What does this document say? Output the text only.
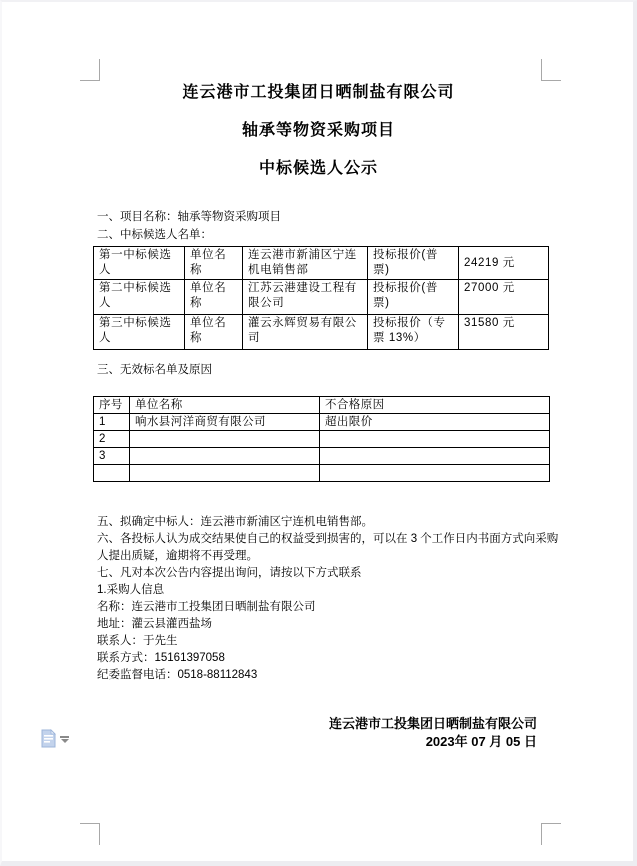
连云港市工投集团日晒制盐有限公司
轴承等物资采购项目
中标候选人公示
一、项目名称：轴承等物资采购项目
二、中标候选人名单：
第一中标候选人	单位名称	连云港市新浦区宁连机电销售部	投标报价(普票)	24219 元
第二中标候选人	单位名称	江苏云港建设工程有限公司	投标报价(普票)	27000 元
第三中标候选人	单位名称	灌云永辉贸易有限公司	投标报价（专票 13%）	31580 元
三、无效标名单及原因
序号	单位名称	不合格原因
1	响水县河洋商贸有限公司	超出限价
2		
3		

五、拟确定中标人：连云港市新浦区宁连机电销售部。
六、各投标人认为成交结果使自己的权益受到损害的，可以在 3 个工作日内书面方式向采购
人提出质疑，逾期将不再受理。
七、凡对本次公告内容提出询问，请按以下方式联系
1.采购人信息
名称：连云港市工投集团日晒制盐有限公司
地址：灌云县灌西盐场
联系人：于先生
联系方式：15161397058
纪委监督电话：0518-88112843
连云港市工投集团日晒制盐有限公司
2023年 07 月 05 日
